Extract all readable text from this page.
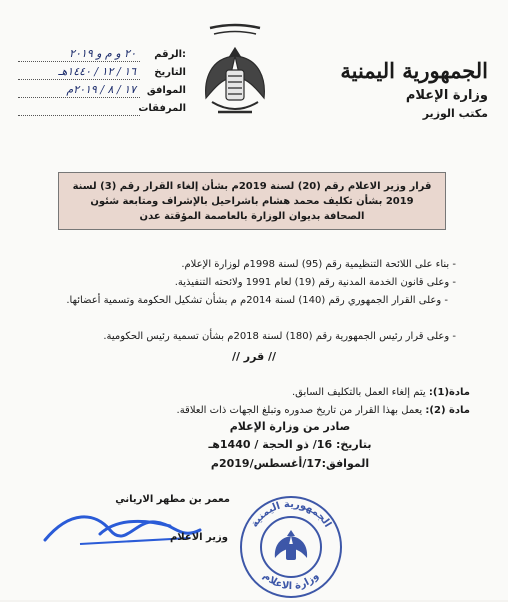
الجمهورية اليمنية
وزارة الإعلام
مكتب الوزير
الرقم:
٢٠ و م و ٢٠١٩
التاريخ
١٦ / ١٢ / ١٤٤٠هـ
الموافق
١٧ / ٨ / ٢٠١٩م
المرفقات
قرار وزير الاعلام رقم (20) لسنة 2019م بشأن إلغاء القرار رقم (3) لسنة 2019 بشأن تكليف محمد هشام باشراحيل بالإشراف ومتابعة شئون الصحافة بديوان الوزارة بالعاصمة المؤقتة عدن
- بناء على اللائحة التنظيمية رقم (95) لسنة 1998م لوزارة الإعلام.
- وعلى قانون الخدمة المدنية رقم (19) لعام 1991 ولائحته التنفيذية.
- وعلى القرار الجمهوري رقم (140) لسنة 2014م م بشأن تشكيل الحكومة وتسمية أعضائها.
- وعلى قرار رئيس الجمهورية رقم (180) لسنة 2018م بشأن تسمية رئيس الحكومية.
// قرر //
مادة(1): يتم إلغاء العمل بالتكليف السابق.
مادة (2): يعمل بهذا القرار من تاريخ صدوره وتبلغ الجهات ذات العلاقة.
صادر من وزارة الإعلام
بتاريخ: 16/ ذو الحجة / 1440هـ
الموافق:17/أغسطس/2019م
معمر بن مطهر الارياني
وزير الاعلام
الجمهورية اليمنية
وزارة الاعلام
